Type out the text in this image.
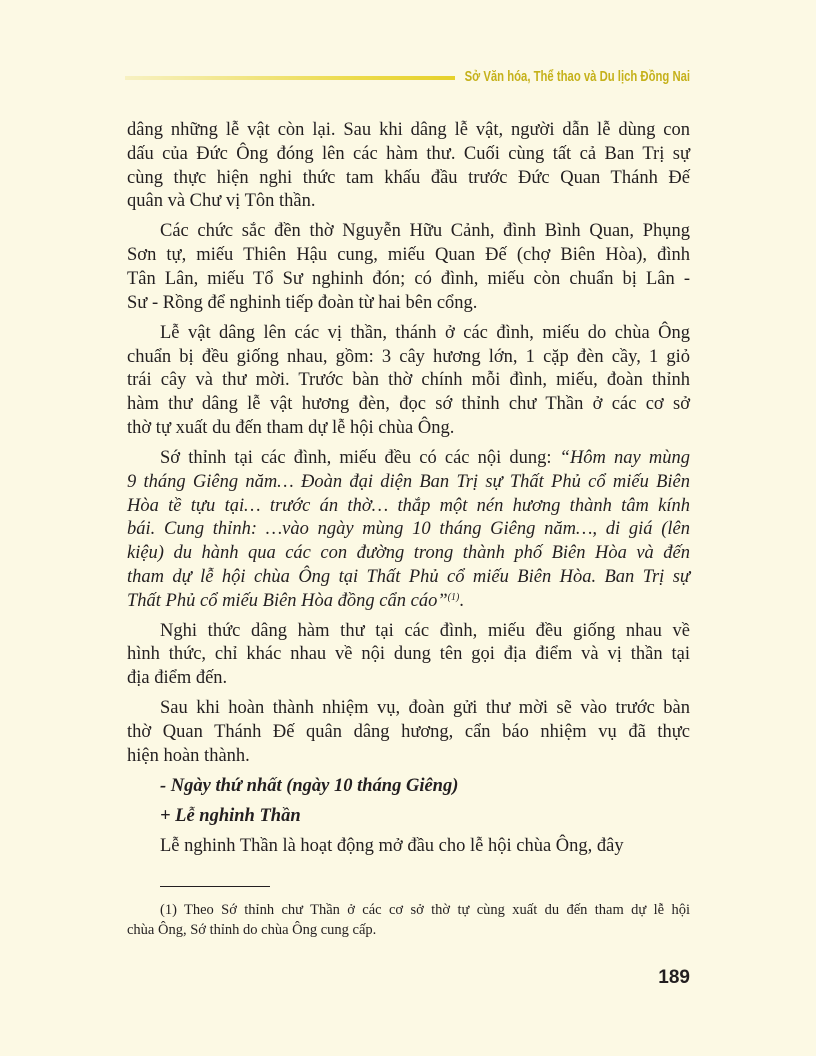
Sở Văn hóa, Thể thao và Du lịch Đồng Nai
dâng những lễ vật còn lại. Sau khi dâng lễ vật, người dẫn lễ dùng con
dấu của Đức Ông đóng lên các hàm thư. Cuối cùng tất cả Ban Trị sự
cùng thực hiện nghi thức tam khấu đầu trước Đức Quan Thánh Đế
quân và Chư vị Tôn thần.
Các chức sắc đền thờ Nguyễn Hữu Cảnh, đình Bình Quan, Phụng
Sơn tự, miếu Thiên Hậu cung, miếu Quan Đế (chợ Biên Hòa), đình
Tân Lân, miếu Tổ Sư nghinh đón; có đình, miếu còn chuẩn bị Lân -
Sư - Rồng để nghinh tiếp đoàn từ hai bên cổng.
Lễ vật dâng lên các vị thần, thánh ở các đình, miếu do chùa Ông
chuẩn bị đều giống nhau, gồm: 3 cây hương lớn, 1 cặp đèn cầy, 1 giỏ
trái cây và thư mời. Trước bàn thờ chính mỗi đình, miếu, đoàn thỉnh
hàm thư dâng lễ vật hương đèn, đọc sớ thỉnh chư Thần ở các cơ sở
thờ tự xuất du đến tham dự lễ hội chùa Ông.
Sớ thỉnh tại các đình, miếu đều có các nội dung: “Hôm nay mùng
9 tháng Giêng năm… Đoàn đại diện Ban Trị sự Thất Phủ cổ miếu Biên
Hòa tề tựu tại… trước án thờ… thắp một nén hương thành tâm kính
bái. Cung thỉnh: …vào ngày mùng 10 tháng Giêng năm…, di giá (lên
kiệu) du hành qua các con đường trong thành phố Biên Hòa và đến
tham dự lễ hội chùa Ông tại Thất Phủ cổ miếu Biên Hòa. Ban Trị sự
Thất Phủ cổ miếu Biên Hòa đồng cẩn cáo”$^{(1)}$.
Nghi thức dâng hàm thư tại các đình, miếu đều giống nhau về
hình thức, chỉ khác nhau về nội dung tên gọi địa điểm và vị thần tại
địa điểm đến.
Sau khi hoàn thành nhiệm vụ, đoàn gửi thư mời sẽ vào trước bàn
thờ Quan Thánh Đế quân dâng hương, cẩn báo nhiệm vụ đã thực
hiện hoàn thành.
- Ngày thứ nhất (ngày 10 tháng Giêng)
+ Lễ nghinh Thần
Lễ nghinh Thần là hoạt động mở đầu cho lễ hội chùa Ông, đây
(1) Theo Sớ thỉnh chư Thần ở các cơ sở thờ tự cùng xuất du đến tham dự lễ hội
chùa Ông, Sớ thỉnh do chùa Ông cung cấp.
189
